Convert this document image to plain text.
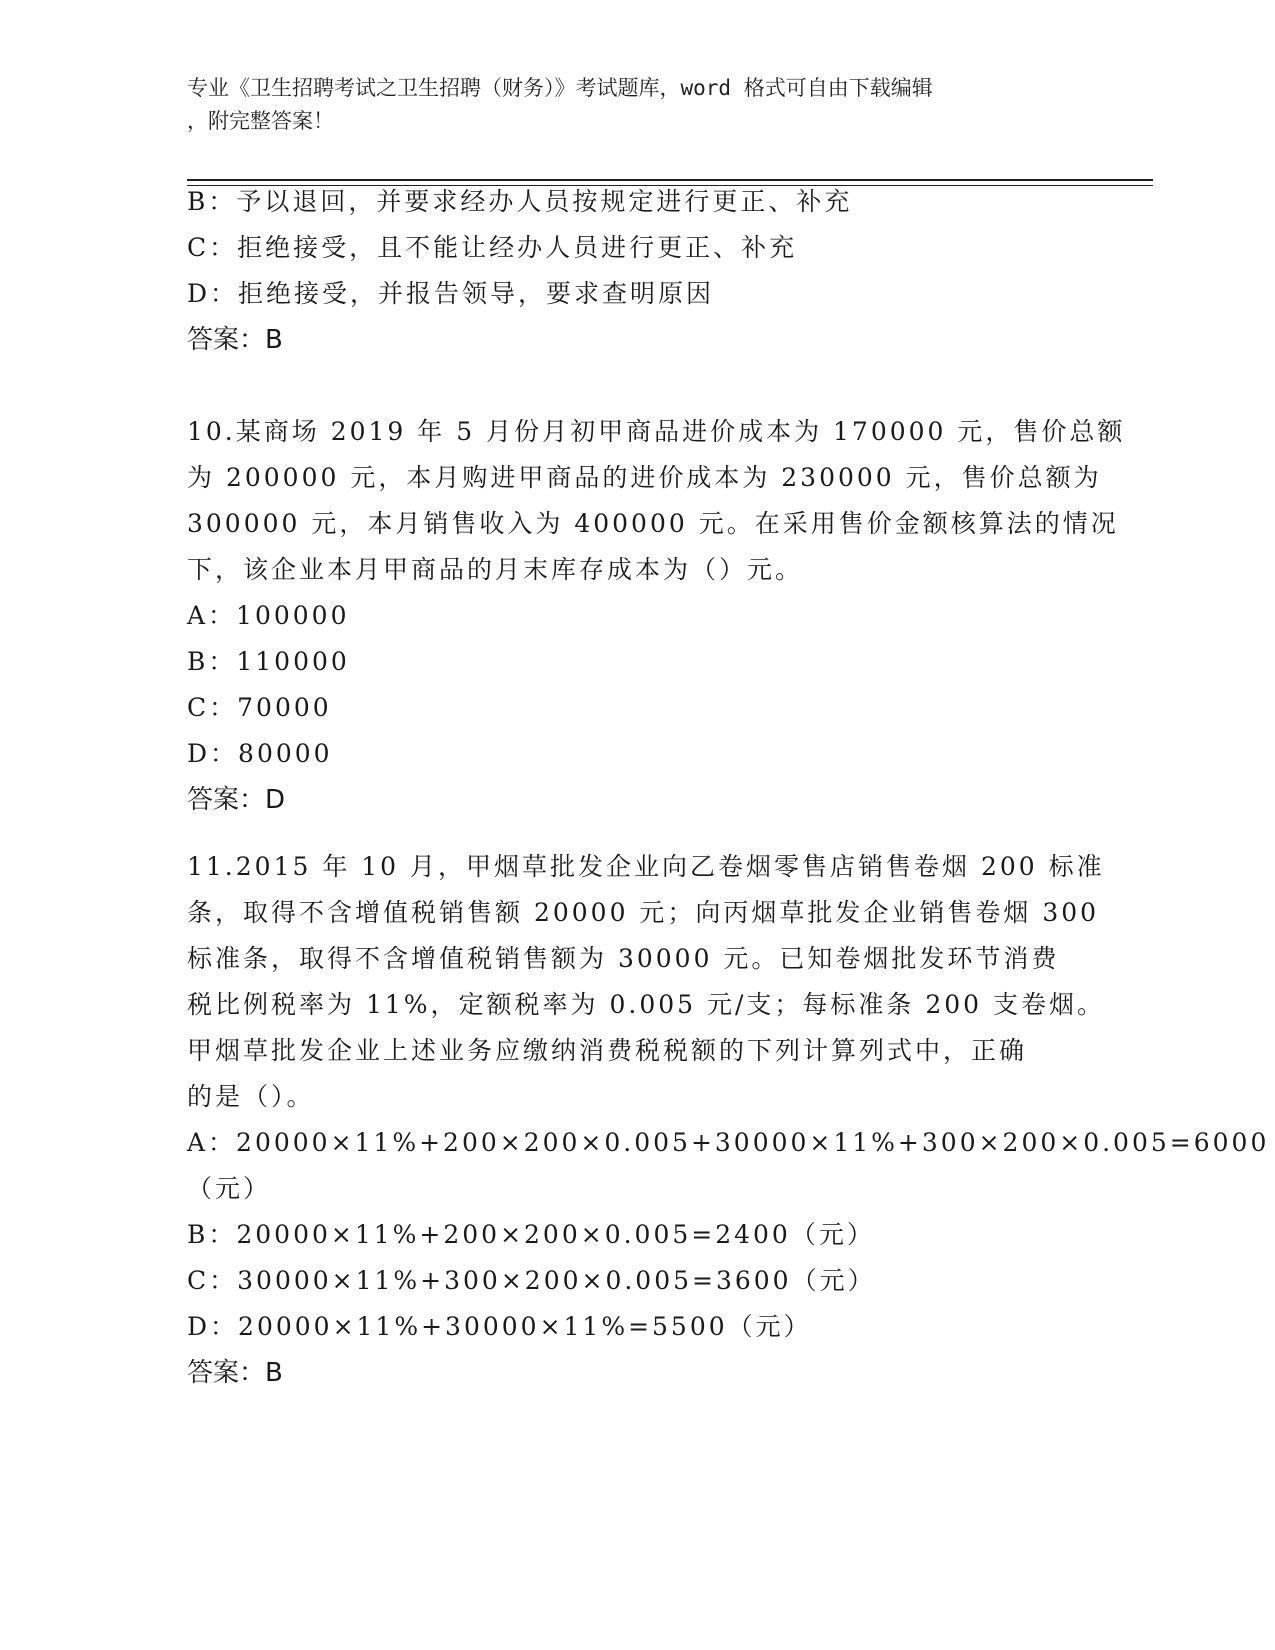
专业《卫生招聘考试之卫生招聘（财务）》考试题库，word 格式可自由下载编辑
，附完整答案！
B：予以退回，并要求经办人员按规定进行更正、补充
C：拒绝接受，且不能让经办人员进行更正、补充
D：拒绝接受，并报告领导，要求查明原因
答案：B
10.某商场 2019 年 5 月份月初甲商品进价成本为 170000 元，售价总额
为 200000 元，本月购进甲商品的进价成本为 230000 元，售价总额为
300000 元，本月销售收入为 400000 元。在采用售价金额核算法的情况
下，该企业本月甲商品的月末库存成本为（）元。
A：100000
B：110000
C：70000
D：80000
答案：D
11.2015 年 10 月，甲烟草批发企业向乙卷烟零售店销售卷烟 200 标准
条，取得不含增值税销售额 20000 元；向丙烟草批发企业销售卷烟 300
标准条，取得不含增值税销售额为 30000 元。已知卷烟批发环节消费
税比例税率为 11%，定额税率为 0.005 元/支；每标准条 200 支卷烟。
甲烟草批发企业上述业务应缴纳消费税税额的下列计算列式中，正确
的是（）。
A：20000×11%+200×200×0.005+30000×11%+300×200×0.005=6000
（元）
B：20000×11%+200×200×0.005=2400（元）
C：30000×11%+300×200×0.005=3600（元）
D：20000×11%+30000×11%=5500（元）
答案：B
